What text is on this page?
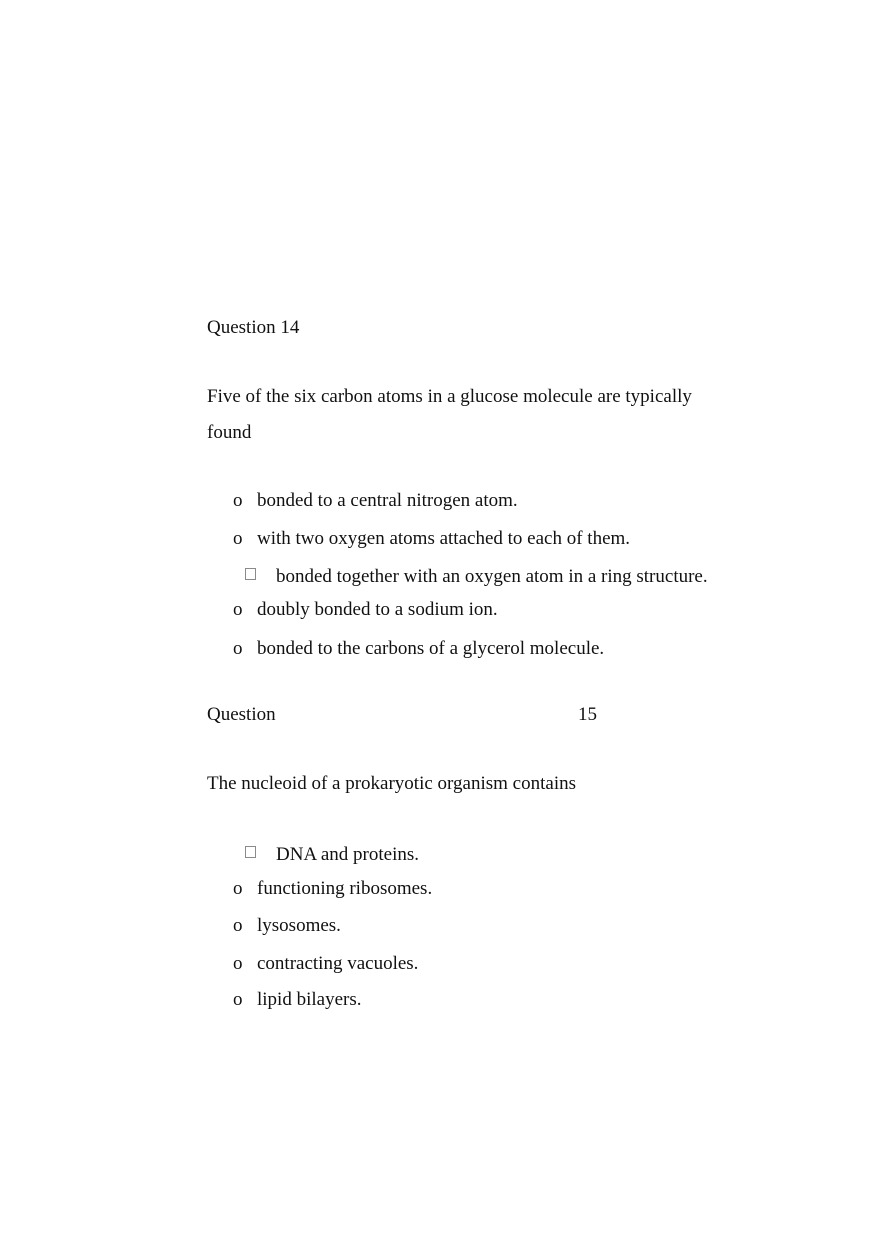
Question 14
Five of the six carbon atoms in a glucose molecule are typically
found
o bonded to a central nitrogen atom.
o with two oxygen atoms attached to each of them.
bonded together with an oxygen atom in a ring structure.
o doubly bonded to a sodium ion.
o bonded to the carbons of a glycerol molecule.
Question	15
The nucleoid of a prokaryotic organism contains
DNA and proteins.
o functioning ribosomes.
o lysosomes.
o contracting vacuoles.
o lipid bilayers.
